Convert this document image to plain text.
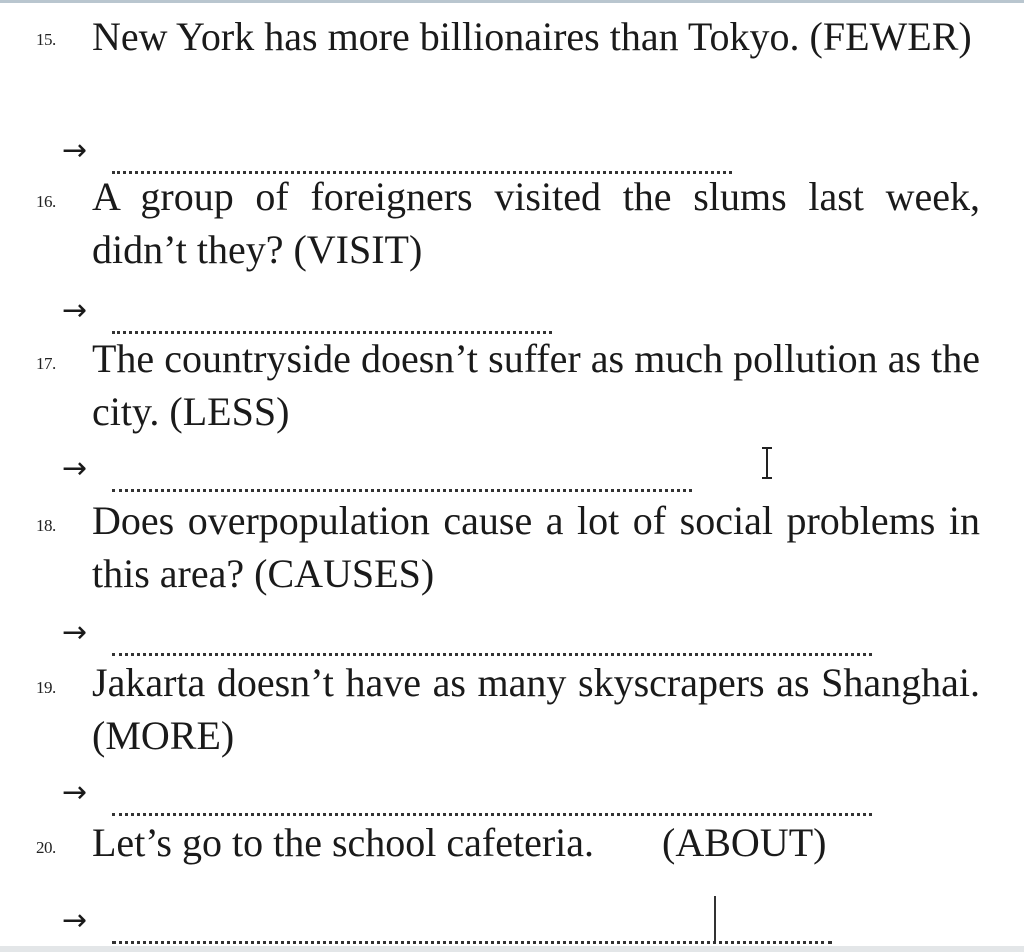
15. New York has more billionaires than Tokyo. (FEWER)
→
16. A group of foreigners visited the slums last week, didn’t they? (VISIT)
→
17. The countryside doesn’t suffer as much pollution as the city. (LESS)
→
18. Does overpopulation cause a lot of social problems in this area? (CAUSES)
→
19. Jakarta doesn’t have as many skyscrapers as Shanghai. (MORE)
→
20. Let’s go to the school cafeteria. (ABOUT)
→
